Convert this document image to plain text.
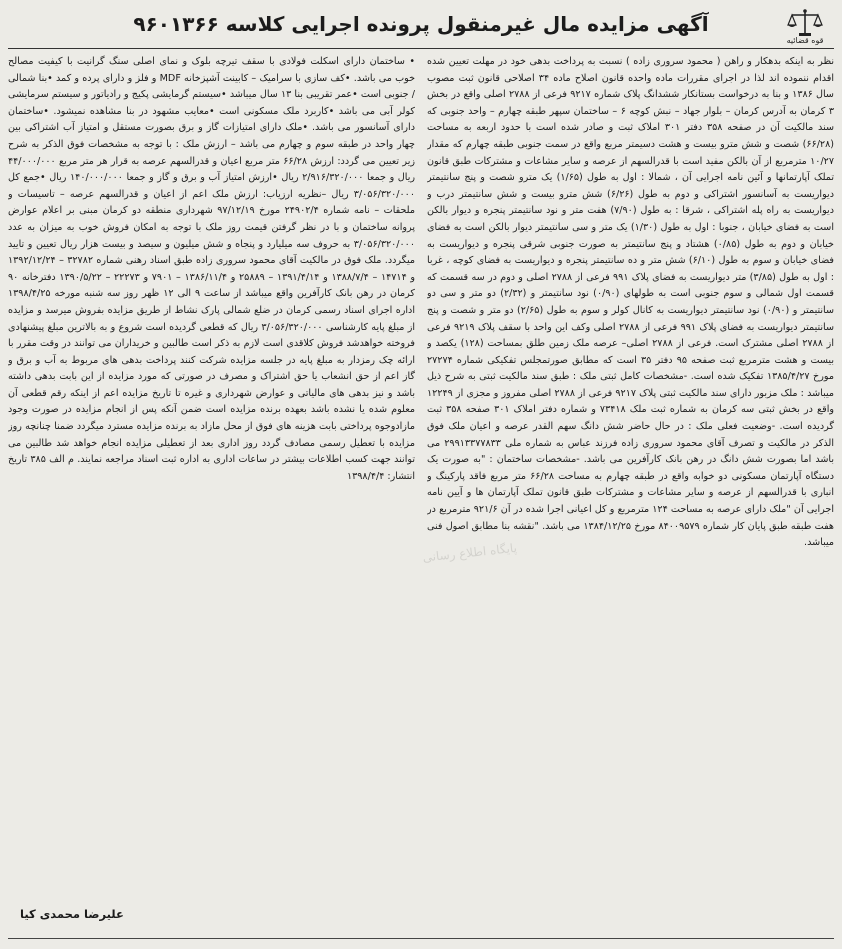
قوه قضائیه
آگهی مزایده مال غیرمنقول پرونده اجرایی کلاسه ۹۶۰۱۳۶۶

نظر به اینکه بدهکار و راهن ( محمود سروری زاده ) نسبت به پرداخت بدهی خود در مهلت تعیین شده اقدام ننموده اند لذا در اجرای مقررات ماده واحده قانون اصلاح ماده ۳۴ اصلاحی قانون ثبت مصوب سال ۱۳۸۶ و بنا به درخواست بستانکار ششدانگ پلاک شماره ۹۲۱۷ فرعی از ۲۷۸۸ اصلی واقع در بخش ۳ کرمان به آدرس کرمان – بلوار جهاد – نبش کوچه ۶ – ساختمان سپهر طبقه چهارم – واحد جنوبی که سند مالکیت آن در صفحه ۳۵۸ دفتر ۳۰۱ املاک ثبت و صادر شده است با حدود اربعه به مساحت (۶۶/۲۸) شصت و شش مترو بیست و هشت دسیمتر مربع واقع در سمت جنوبی طبقه چهارم که مقدار ۱۰/۲۷ مترمربع از آن بالکن مفید است با قدرالسهم از عرصه و سایر مشاعات و مشترکات طبق قانون تملک آپارتمانها و آئین نامه اجرایی آن ، شمالا : اول به طول (۱/۶۵) یک مترو شصت و پنج سانتیمتر دیواریست به آسانسور اشتراکی و دوم به طول (۶/۲۶) شش مترو بیست و شش سانتیمتر درب و دیواریست به راه پله اشتراکی ، شرقا : به طول (۷/۹۰) هفت متر و نود سانتیمتر پنجره و دیوار بالکن است به فضای خیابان ، جنوبا : اول به طول (۱/۳۰) یک متر و سی سانتیمتر دیوار بالکن است به فضای خیابان و دوم به طول (۰/۸۵) هشتاد و پنج سانتیمتر به صورت جنوبی شرقی پنجره و دیواریست به فضای خیابان و سوم به طول (۶/۱۰) شش متر و ده سانتیمتر پنجره و دیواریست به فضای کوچه ، غربا : اول به طول (۳/۸۵) متر دیواریست به فضای پلاک ۹۹۱ فرعی از ۲۷۸۸ اصلی و دوم در سه قسمت که قسمت اول شمالی و سوم جنوبی است به طولهای (۰/۹۰) نود سانتیمتر و (۲/۳۲) دو متر و سی دو سانتیمتر و (۰/۹۰) نود سانتیمتر دیواریست به کانال کولر و سوم به طول (۲/۶۵) دو متر و شصت و پنج سانتیمتر دیواریست به فضای پلاک ۹۹۱ فرعی از ۲۷۸۸ اصلی وکف این واحد با سقف پلاک ۹۲۱۹ فرعی از ۲۷۸۸ اصلی مشترک است. فرعی از ۲۷۸۸ اصلی– عرصه ملک زمین طلق بمساحت (۱۲۸) یکصد و بیست و هشت مترمربع ثبت صفحه ۹۵ دفتر ۳۵ است که مطابق صورتمجلس تفکیکی شماره ۲۷۲۷۴ مورخ ۱۳۸۵/۴/۲۷ تفکیک شده است. -مشخصات کامل ثبتی ملک : طبق سند مالکیت ثبتی به شرح ذیل میباشد : ملک مزبور دارای سند مالکیت ثبتی پلاک ۹۲۱۷ فرعی از ۲۷۸۸ اصلی مفروز و مجزی از ۱۲۲۴۹ واقع در بخش ثبتی سه کرمان به شماره ثبت ملک ۷۳۴۱۸ و شماره دفتر املاک ۳۰۱ صفحه ۳۵۸ ثبت گردیده است. -وضعیت فعلی ملک : در حال حاضر شش دانگ سهم القدر عرصه و اعیان ملک فوق الذکر در مالکیت و تصرف آقای محمود سروری زاده فرزند عباس به شماره ملی ۲۹۹۱۳۳۷۷۸۳۳ می باشد اما بصورت شش دانگ در رهن بانک کارآفرین می باشد. -مشخصات ساختمان : "به صورت یک دستگاه آپارتمان مسکونی دو خوابه واقع در طبقه چهارم به مساحت ۶۶/۲۸ متر مربع فاقد پارکینگ و انباری با قدرالسهم از عرصه و سایر مشاعات و مشترکات طبق قانون تملک آپارتمان ها و آیین نامه اجرایی آن "ملک دارای عرصه به مساحت ۱۲۴ مترمربع و کل اعیانی اجرا شده در آن ۹۲۱/۶ مترمربع در هفت طبقه طبق پایان کار شماره ۸۴۰۰۹۵۷۹ مورخ ۱۳۸۴/۱۲/۲۵ می باشد. "نقشه بنا مطابق اصول فنی میباشد.

• ساختمان دارای اسکلت فولادی با سقف تیرچه بلوک و نمای اصلی سنگ گرانیت با کیفیت مصالح خوب می باشد. •کف سازی با سرامیک – کابینت آشپزخانه MDF و فلز و دارای پرده و کمد •بنا شمالی / جنوبی است •عمر تقریبی بنا ۱۳ سال میباشد •سیستم گرمایشی پکیج و رادیاتور و سیستم سرمایشی کولر آبی می باشد •کاربرد ملک مسکونی است •معایب مشهود در بنا مشاهده نمیشود. •ساختمان دارای آسانسور می باشد. •ملک دارای امتیازات گاز و برق بصورت مستقل و امتیاز آب اشتراکی بین چهار واحد در طبقه سوم و چهارم می باشد – ارزش ملک : با توجه به مشخصات فوق الذکر به شرح زیر تعیین می گردد: ارزش ۶۶/۲۸ متر مربع اعیان و قدرالسهم عرصه به قرار هر متر مربع ۴۴/۰۰۰/۰۰۰ ریال و جمعا ۲/۹۱۶/۳۲۰/۰۰۰ ریال •ارزش امتیاز آب و برق و گاز و جمعا ۱۴۰/۰۰۰/۰۰۰ ریال •جمع کل ۳/۰۵۶/۳۲۰/۰۰۰ ریال –نظریه ارزیاب: ارزش ملک اعم از اعیان و قدرالسهم عرصه – تاسیسات و ملحقات – نامه شماره ۲۴۹۰۲/۴ مورخ ۹۷/۱۲/۱۹ شهرداری منطقه دو کرمان مبنی بر اعلام عوارض پروانه ساختمان و با در نظر گرفتن قیمت روز ملک با توجه به امکان فروش خوب به میزان به عدد ۳/۰۵۶/۳۲۰/۰۰۰ به حروف سه میلیارد و پنجاه و شش میلیون و سیصد و بیست هزار ریال تعیین و تایید میگردد. ملک فوق در مالکیت آقای محمود سروری زاده طبق اسناد رهنی شماره ۳۲۷۸۲ – ۱۳۹۲/۱۲/۲۴ و ۱۴۷۱۴ – ۱۳۸۸/۷/۴ و ۱۳۹۱/۴/۱۴ – ۲۵۸۸۹ و ۱۳۸۶/۱۱/۴ – ۷۹۰۱ و ۲۲۲۷۳ – ۱۳۹۰/۵/۲۲ دفترخانه ۹۰ کرمان در رهن بانک کارآفرین واقع میباشد از ساعت ۹ الی ۱۲ ظهر روز سه شنبه مورخه ۱۳۹۸/۴/۲۵ اداره اجرای اسناد رسمی کرمان در ضلع شمالی پارک نشاط از طریق مزایده بفروش میرسد و مزایده از مبلغ پایه کارشناسی ۳/۰۵۶/۳۲۰/۰۰۰ ریال که قطعی گردیده است شروع و به بالاترین مبلغ پیشنهادی فروخته خواهدشد فروش کلاقدی است لازم به ذکر است طالبین و خریداران می توانند در وقت مقرر با ارائه چک رمزدار به مبلغ پایه در جلسه مزایده شرکت کنند پرداخت بدهی های مربوط به آب و برق و گاز اعم از حق انشعاب یا حق اشتراک و مصرف در صورتی که مورد مزایده از این بابت بدهی داشته باشد و نیز بدهی های مالیاتی و عوارض شهرداری و غیره تا تاریخ مزایده اعم از اینکه رقم قطعی آن معلوم شده یا نشده باشد بعهده برنده مزایده است ضمن آنکه پس از انجام مزایده در صورت وجود مازادوجوه پرداختی بابت هزینه های فوق از محل مازاد به برنده مزایده مسترد میگردد ضمنا چنانچه روز مزایده با تعطیل رسمی مصادف گردد روز اداری بعد از تعطیلی مزایده انجام خواهد شد طالبین می توانند جهت کسب اطلاعات بیشتر در ساعات اداری به اداره ثبت اسناد مراجعه نمایند. م الف ۳۸۵ تاریخ انتشار: ۱۳۹۸/۴/۴

پایگاه اطلاع رسانی
علیرضا محمدی کیا
